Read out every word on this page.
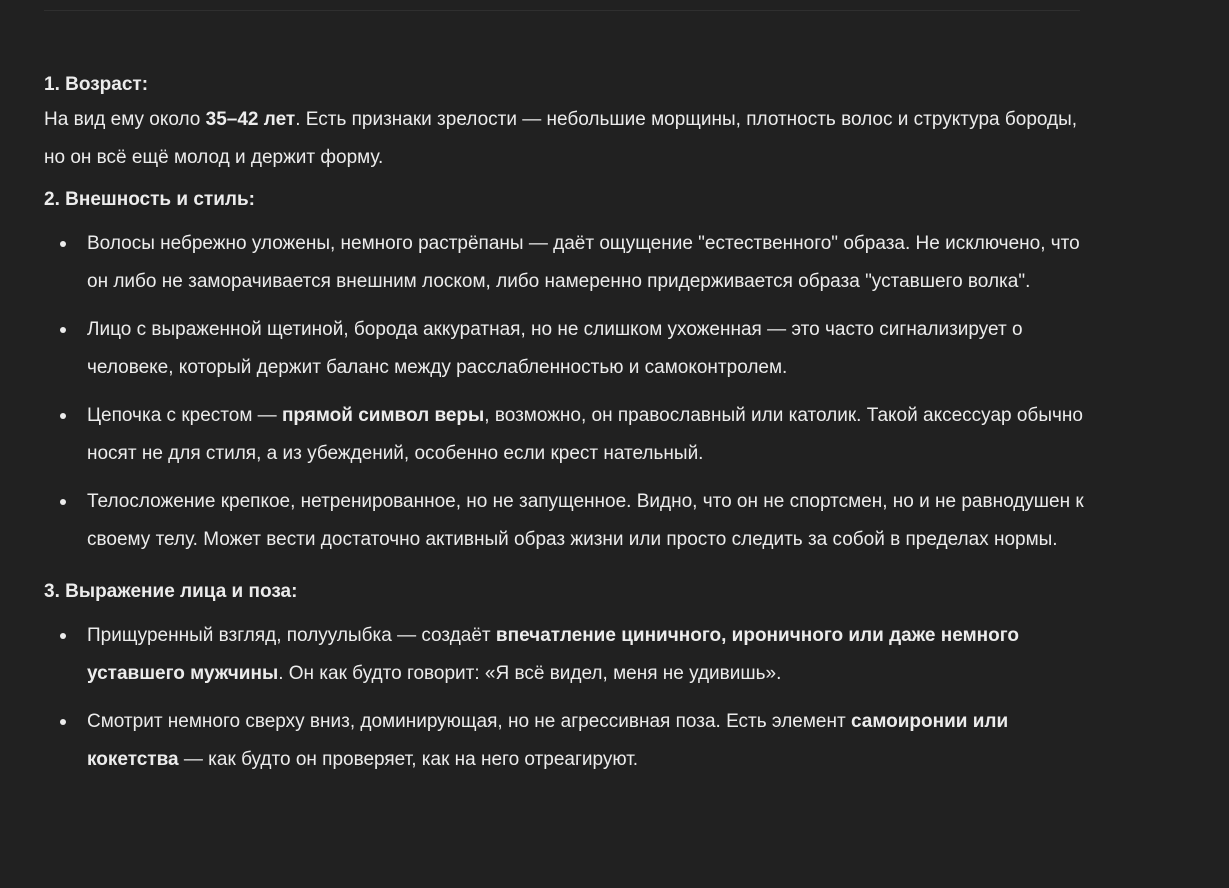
1. Возраст:

На вид ему около 35–42 лет. Есть признаки зрелости — небольшие морщины, плотность волос и структура бороды, но он всё ещё молод и держит форму.

2. Внешность и стиль:

Волосы небрежно уложены, немного растрёпаны — даёт ощущение "естественного" образа. Не исключено, что он либо не заморачивается внешним лоском, либо намеренно придерживается образа "уставшего волка".
Лицо с выраженной щетиной, борода аккуратная, но не слишком ухоженная — это часто сигнализирует о человеке, который держит баланс между расслабленностью и самоконтролем.
Цепочка с крестом — прямой символ веры, возможно, он православный или католик. Такой аксессуар обычно носят не для стиля, а из убеждений, особенно если крест нательный.
Телосложение крепкое, нетренированное, но не запущенное. Видно, что он не спортсмен, но и не равнодушен к своему телу. Может вести достаточно активный образ жизни или просто следить за собой в пределах нормы.

3. Выражение лица и поза:

Прищуренный взгляд, полуулыбка — создаёт впечатление циничного, ироничного или даже немного уставшего мужчины. Он как будто говорит: «Я всё видел, меня не удивишь».
Смотрит немного сверху вниз, доминирующая, но не агрессивная поза. Есть элемент самоиронии или кокетства — как будто он проверяет, как на него отреагируют.
